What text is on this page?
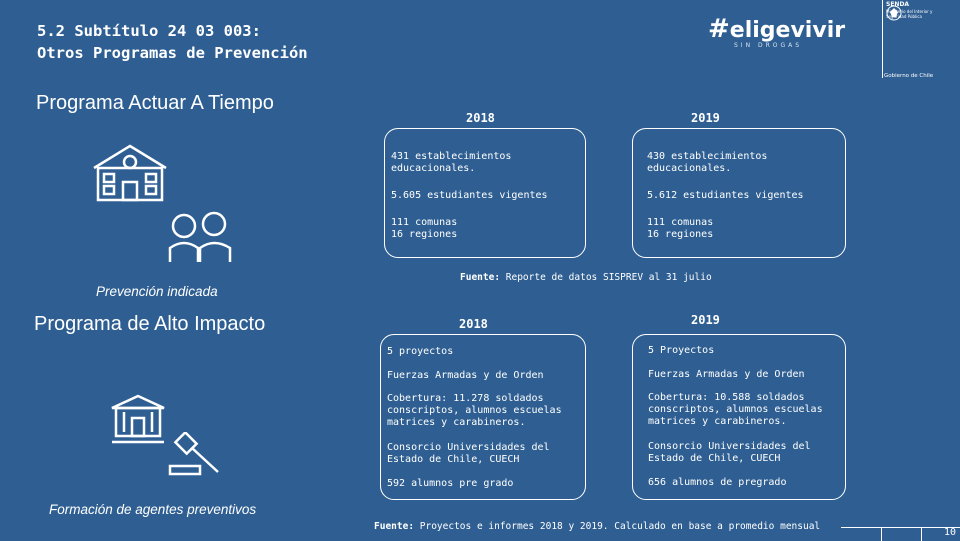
5.2 Subtítulo 24 03 003:
Otros Programas de Prevención
#eligevivir
SIN DROGAS
SENDA
Ministerio del Interior y Seguridad Pública
Gobierno de Chile
Programa Actuar A Tiempo
Prevención indicada
2018	2019
431 establecimientos educacionales.
5.605 estudiantes vigentes
111 comunas
16 regiones
430 establecimientos educacionales.
5.612 estudiantes vigentes
111 comunas
16 regiones
Fuente: Reporte de datos SISPREV al 31 julio
Programa de Alto Impacto
Formación de agentes preventivos
2018	2019
5 proyectos
Fuerzas Armadas y de Orden
Cobertura: 11.278 soldados conscriptos, alumnos escuelas matrices y carabineros.
Consorcio Universidades del Estado de Chile, CUECH
592 alumnos pre grado
5 Proyectos
Fuerzas Armadas y de Orden
Cobertura: 10.588 soldados conscriptos, alumnos escuelas matrices y carabineros.
Consorcio Universidades del Estado de Chile, CUECH
656 alumnos de pregrado
Fuente: Proyectos e informes 2018 y 2019. Calculado en base a promedio mensual
10
